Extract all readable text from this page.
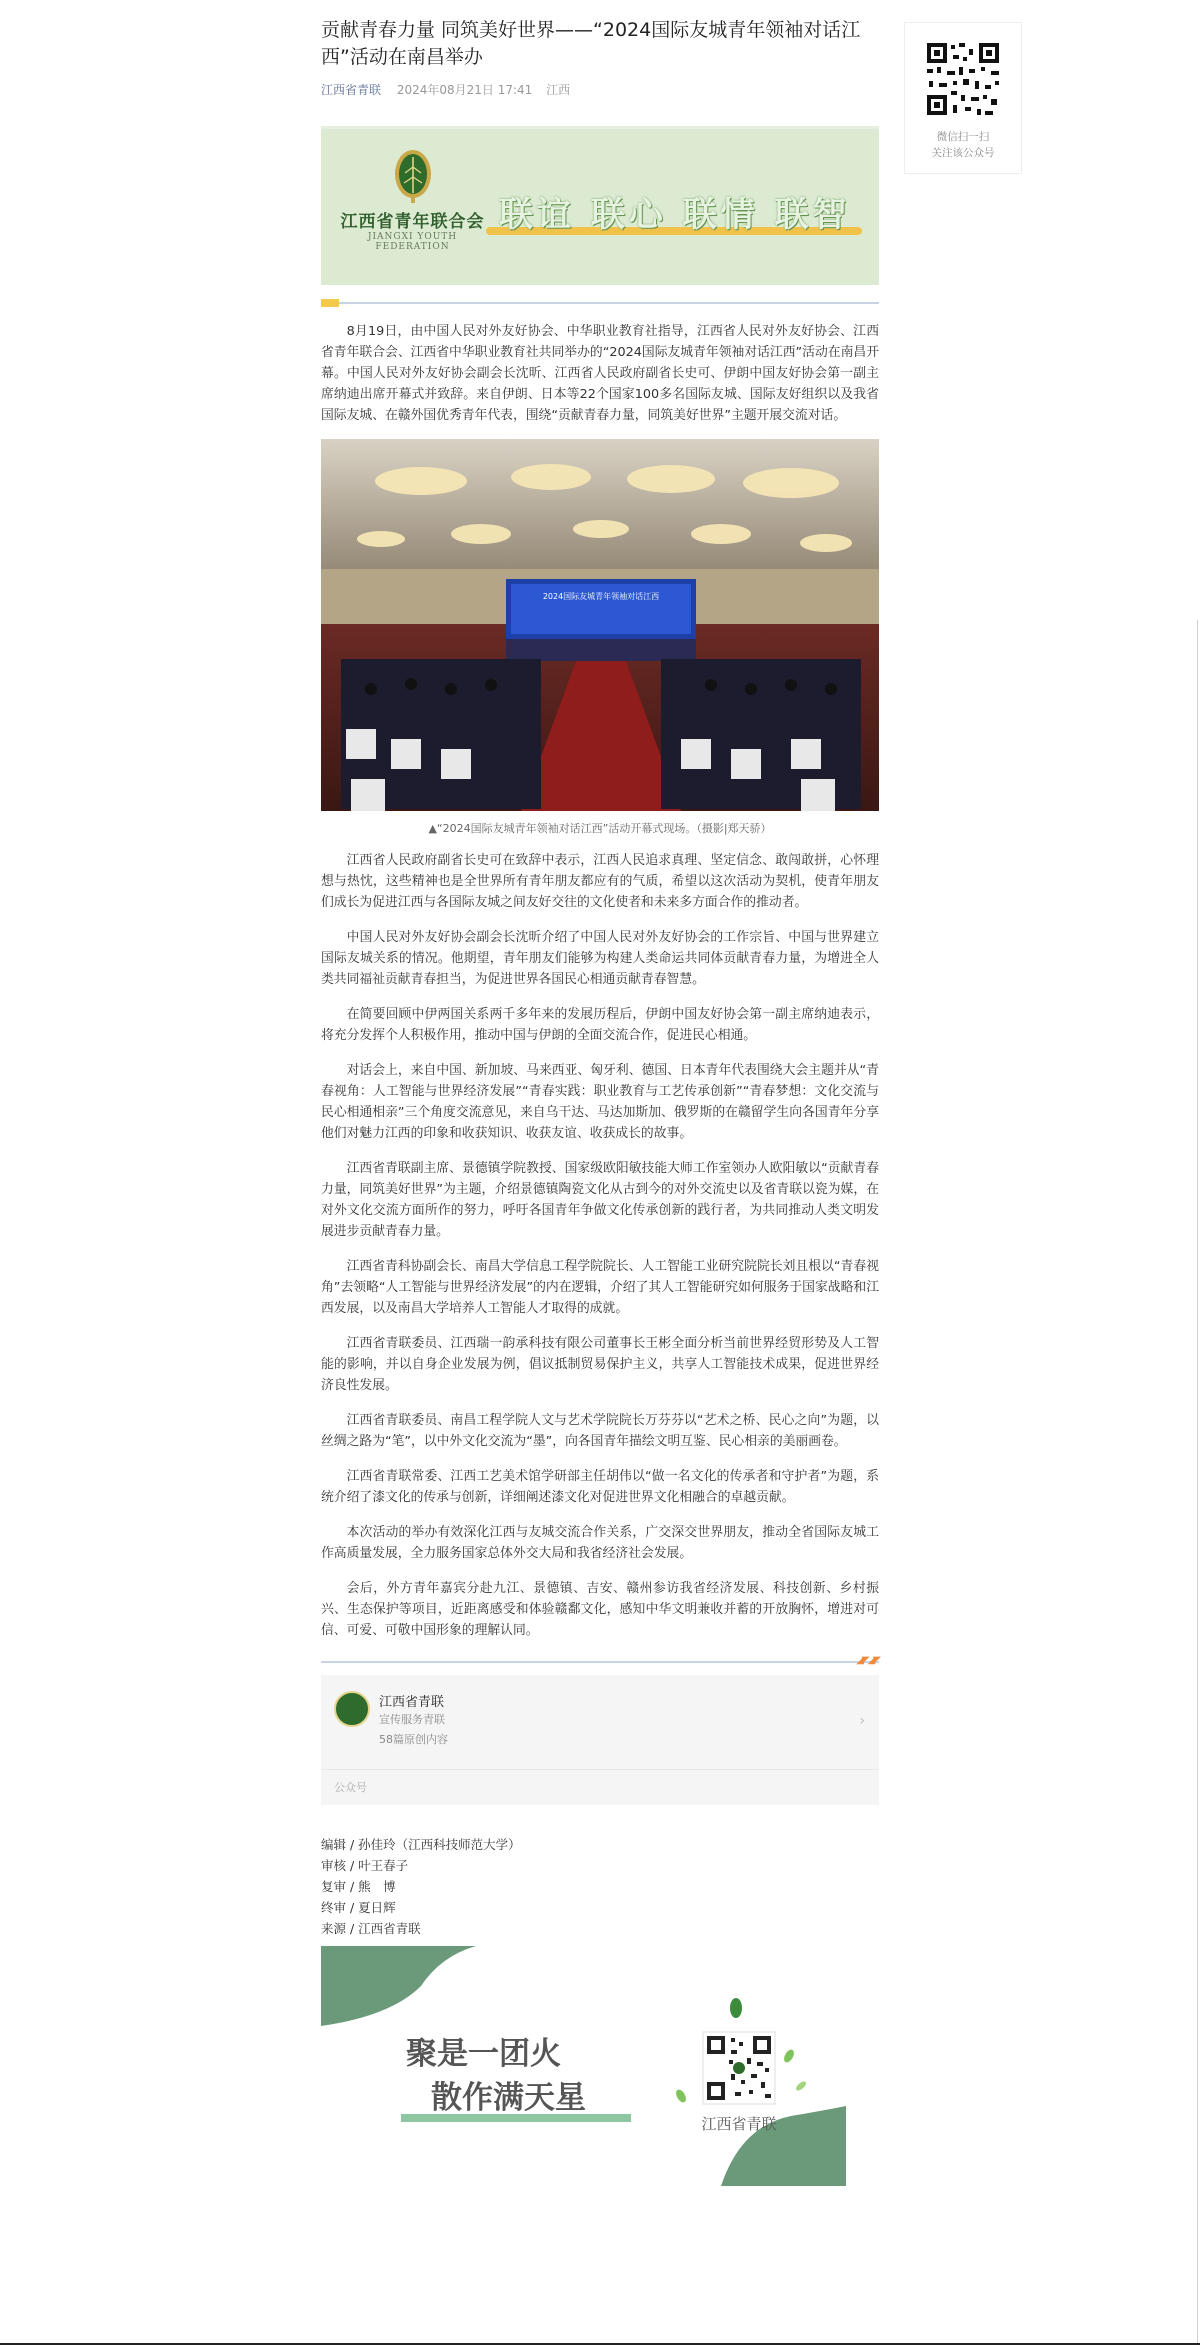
贡献青春力量 同筑美好世界——“2024国际友城青年领袖对话江西”活动在南昌举办
江西省青联 2024年08月21日 17:41 江西
江西省青年联合会
JIANGXI YOUTH
FEDERATION
联谊 联心 联情 联智

8月19日，由中国人民对外友好协会、中华职业教育社指导，江西省人民对外友好协会、江西省青年联合会、江西省中华职业教育社共同举办的“2024国际友城青年领袖对话江西”活动在南昌开幕。中国人民对外友好协会副会长沈昕、江西省人民政府副省长史可、伊朗中国友好协会第一副主席纳迪出席开幕式并致辞。来自伊朗、日本等22个国家100多名国际友城、国际友好组织以及我省国际友城、在赣外国优秀青年代表，围绕“贡献青春力量，同筑美好世界”主题开展交流对话。

2024国际友城青年领袖对话江西
▲“2024国际友城青年领袖对话江西”活动开幕式现场。（摄影|郑天骄）

江西省人民政府副省长史可在致辞中表示，江西人民追求真理、坚定信念、敢闯敢拼，心怀理想与热忱，这些精神也是全世界所有青年朋友都应有的气质，希望以这次活动为契机，使青年朋友们成长为促进江西与各国际友城之间友好交往的文化使者和未来多方面合作的推动者。

中国人民对外友好协会副会长沈昕介绍了中国人民对外友好协会的工作宗旨、中国与世界建立国际友城关系的情况。他期望，青年朋友们能够为构建人类命运共同体贡献青春力量，为增进全人类共同福祉贡献青春担当，为促进世界各国民心相通贡献青春智慧。

在简要回顾中伊两国关系两千多年来的发展历程后，伊朗中国友好协会第一副主席纳迪表示，将充分发挥个人积极作用，推动中国与伊朗的全面交流合作，促进民心相通。

对话会上，来自中国、新加坡、马来西亚、匈牙利、德国、日本青年代表围绕大会主题并从“青春视角：人工智能与世界经济发展”“青春实践：职业教育与工艺传承创新”“青春梦想：文化交流与民心相通相亲”三个角度交流意见，来自乌干达、马达加斯加、俄罗斯的在赣留学生向各国青年分享他们对魅力江西的印象和收获知识、收获友谊、收获成长的故事。

江西省青联副主席、景德镇学院教授、国家级欧阳敏技能大师工作室领办人欧阳敏以“贡献青春力量，同筑美好世界”为主题，介绍景德镇陶瓷文化从古到今的对外交流史以及省青联以瓷为媒，在对外文化交流方面所作的努力，呼吁各国青年争做文化传承创新的践行者，为共同推动人类文明发展进步贡献青春力量。

江西省青科协副会长、南昌大学信息工程学院院长、人工智能工业研究院院长刘且根以“青春视角”去领略“人工智能与世界经济发展”的内在逻辑，介绍了其人工智能研究如何服务于国家战略和江西发展，以及南昌大学培养人工智能人才取得的成就。

江西省青联委员、江西瑞一韵承科技有限公司董事长王彬全面分析当前世界经贸形势及人工智能的影响，并以自身企业发展为例，倡议抵制贸易保护主义，共享人工智能技术成果，促进世界经济良性发展。

江西省青联委员、南昌工程学院人文与艺术学院院长万芬芬以“艺术之桥、民心之向”为题，以丝绸之路为“笔”，以中外文化交流为“墨”，向各国青年描绘文明互鉴、民心相亲的美丽画卷。

江西省青联常委、江西工艺美术馆学研部主任胡伟以“做一名文化的传承者和守护者”为题，系统介绍了漆文化的传承与创新，详细阐述漆文化对促进世界文化相融合的卓越贡献。

本次活动的举办有效深化江西与友城交流合作关系，广交深交世界朋友，推动全省国际友城工作高质量发展，全力服务国家总体外交大局和我省经济社会发展。

会后，外方青年嘉宾分赴九江、景德镇、吉安、赣州参访我省经济发展、科技创新、乡村振兴、生态保护等项目，近距离感受和体验赣鄱文化，感知中华文明兼收并蓄的开放胸怀，增进对可信、可爱、可敬中国形象的理解认同。

◢◤◢◤
江西省青联
宣传服务青联
58篇原创内容
›
公众号
编辑 / 孙佳玲（江西科技师范大学）
审核 / 叶王春子
复审 / 熊　博
终审 / 夏日辉
来源 / 江西省青联
聚是一团火
散作满天星
江西省青联
微信扫一扫
关注该公众号
